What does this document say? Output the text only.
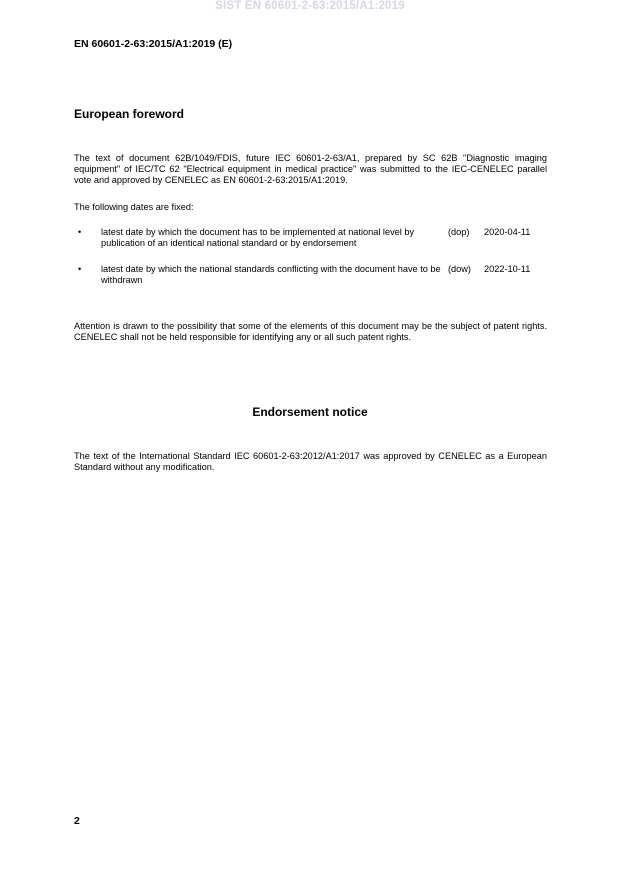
SIST EN 60601-2-63:2015/A1:2019
EN 60601-2-63:2015/A1:2019 (E)
European foreword
The text of document 62B/1049/FDIS, future IEC 60601-2-63/A1, prepared by SC 62B "Diagnostic imaging equipment" of IEC/TC 62 "Electrical equipment in medical practice" was submitted to the IEC-CENELEC parallel vote and approved by CENELEC as EN 60601-2-63:2015/A1:2019.
The following dates are fixed:
• latest date by which the document has to be implemented at national level by publication of an identical national standard or by endorsement
(dop) 2020-04-11
• latest date by which the national standards conflicting with the document have to be withdrawn
(dow) 2022-10-11
Attention is drawn to the possibility that some of the elements of this document may be the subject of patent rights. CENELEC shall not be held responsible for identifying any or all such patent rights.
Endorsement notice
The text of the International Standard IEC 60601-2-63:2012/A1:2017 was approved by CENELEC as a European Standard without any modification.
2
